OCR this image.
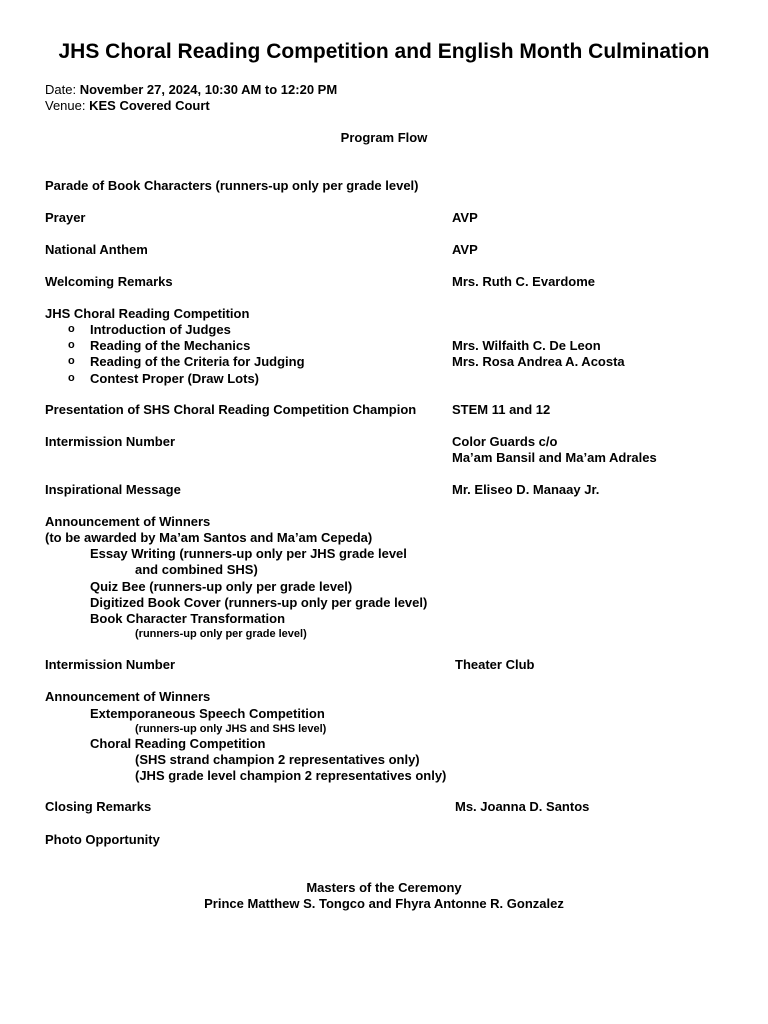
JHS Choral Reading Competition and English Month Culmination
Date: November 27, 2024, 10:30 AM to 12:20 PM
Venue: KES Covered Court
Program Flow
Parade of Book Characters (runners-up only per grade level)
Prayer	AVP
National Anthem	AVP
Welcoming Remarks	Mrs. Ruth C. Evardome
JHS Choral Reading Competition
o Introduction of Judges
o Reading of the Mechanics	Mrs. Wilfaith C. De Leon
o Reading of the Criteria for Judging	Mrs. Rosa Andrea A. Acosta
o Contest Proper (Draw Lots)
Presentation of SHS Choral Reading Competition Champion	STEM 11 and 12
Intermission Number	Color Guards c/o
Ma’am Bansil and Ma’am Adrales
Inspirational Message	Mr. Eliseo D. Manaay Jr.
Announcement of Winners
(to be awarded by Ma’am Santos and Ma’am Cepeda)
Essay Writing (runners-up only per JHS grade level
and combined SHS)
Quiz Bee (runners-up only per grade level)
Digitized Book Cover (runners-up only per grade level)
Book Character Transformation
(runners-up only per grade level)
Intermission Number	Theater Club
Announcement of Winners
Extemporaneous Speech Competition
(runners-up only JHS and SHS level)
Choral Reading Competition
(SHS strand champion 2 representatives only)
(JHS grade level champion 2 representatives only)
Closing Remarks	Ms. Joanna D. Santos
Photo Opportunity
Masters of the Ceremony
Prince Matthew S. Tongco and Fhyra Antonne R. Gonzalez
